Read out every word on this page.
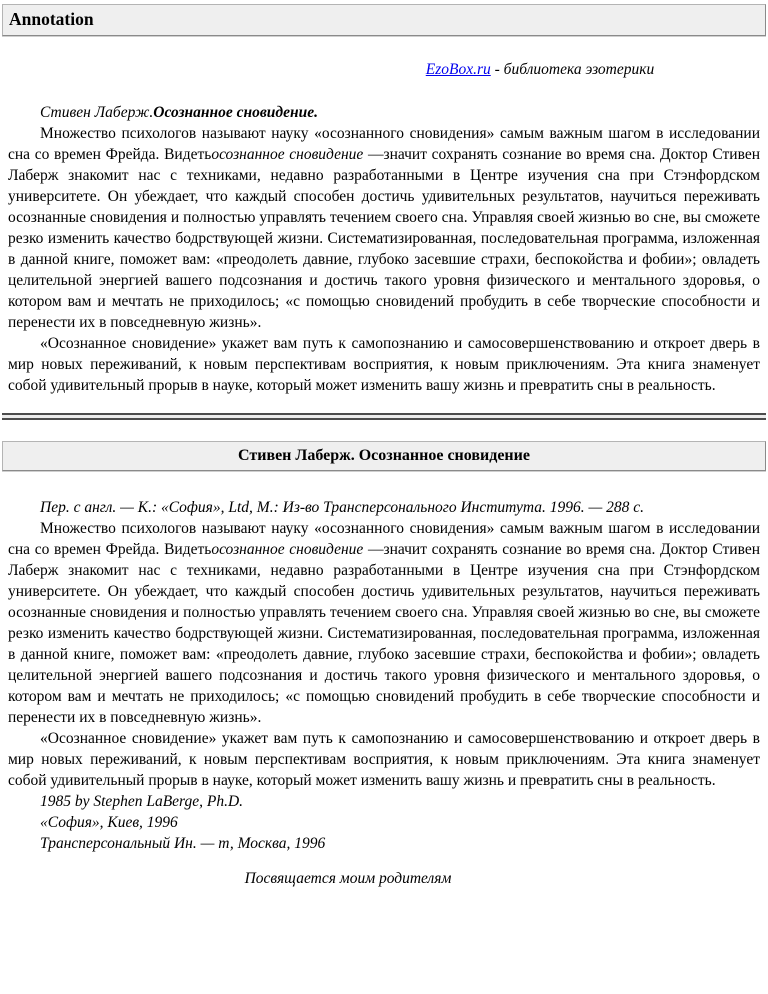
Annotation

EzoBox.ru - библиотека эзотерики

Стивен Лаберж.Осознанное сновидение.

Множество психологов называют науку «осознанного сновидения» самым важным шагом в исследовании сна со времен Фрейда. Видетьосознанное сновидение —значит сохранять сознание во время сна. Доктор Стивен Лаберж знакомит нас с техниками, недавно разработанными в Центре изучения сна при Стэнфордском университете. Он убеждает, что каждый способен достичь удивительных результатов, научиться переживать осознанные сновидения и полностью управлять течением своего сна. Управляя своей жизнью во сне, вы сможете резко изменить качество бодрствующей жизни. Систематизированная, последовательная программа, изложенная в данной книге, поможет вам: «преодолеть давние, глубоко засевшие страхи, беспокойства и фобии»; овладеть целительной энергией вашего подсознания и достичь такого уровня физического и ментального здоровья, о котором вам и мечтать не приходилось; «с помощью сновидений пробудить в себе творческие способности и перенести их в повседневную жизнь».

«Осознанное сновидение» укажет вам путь к самопознанию и самосовершенствованию и откроет дверь в мир новых переживаний, к новым перспективам восприятия, к новым приключениям. Эта книга знаменует собой удивительный прорыв в науке, который может изменить вашу жизнь и превратить сны в реальность.

Стивен Лаберж. Осознанное сновидение

Пер. с англ. — К.: «София», Ltd, М.: Из-во Трансперсонального Института. 1996. — 288 с.

Множество психологов называют науку «осознанного сновидения» самым важным шагом в исследовании сна со времен Фрейда. Видетьосознанное сновидение —значит сохранять сознание во время сна. Доктор Стивен Лаберж знакомит нас с техниками, недавно разработанными в Центре изучения сна при Стэнфордском университете. Он убеждает, что каждый способен достичь удивительных результатов, научиться переживать осознанные сновидения и полностью управлять течением своего сна. Управляя своей жизнью во сне, вы сможете резко изменить качество бодрствующей жизни. Систематизированная, последовательная программа, изложенная в данной книге, поможет вам: «преодолеть давние, глубоко засевшие страхи, беспокойства и фобии»; овладеть целительной энергией вашего подсознания и достичь такого уровня физического и ментального здоровья, о котором вам и мечтать не приходилось; «с помощью сновидений пробудить в себе творческие способности и перенести их в повседневную жизнь».

«Осознанное сновидение» укажет вам путь к самопознанию и самосовершенствованию и откроет дверь в мир новых переживаний, к новым перспективам восприятия, к новым приключениям. Эта книга знаменует собой удивительный прорыв в науке, который может изменить вашу жизнь и превратить сны в реальность.

1985 by Stephen LaBerge, Ph.D.

«София», Киев, 1996

Трансперсональный Ин. — т, Москва, 1996

Посвящается моим родителям
